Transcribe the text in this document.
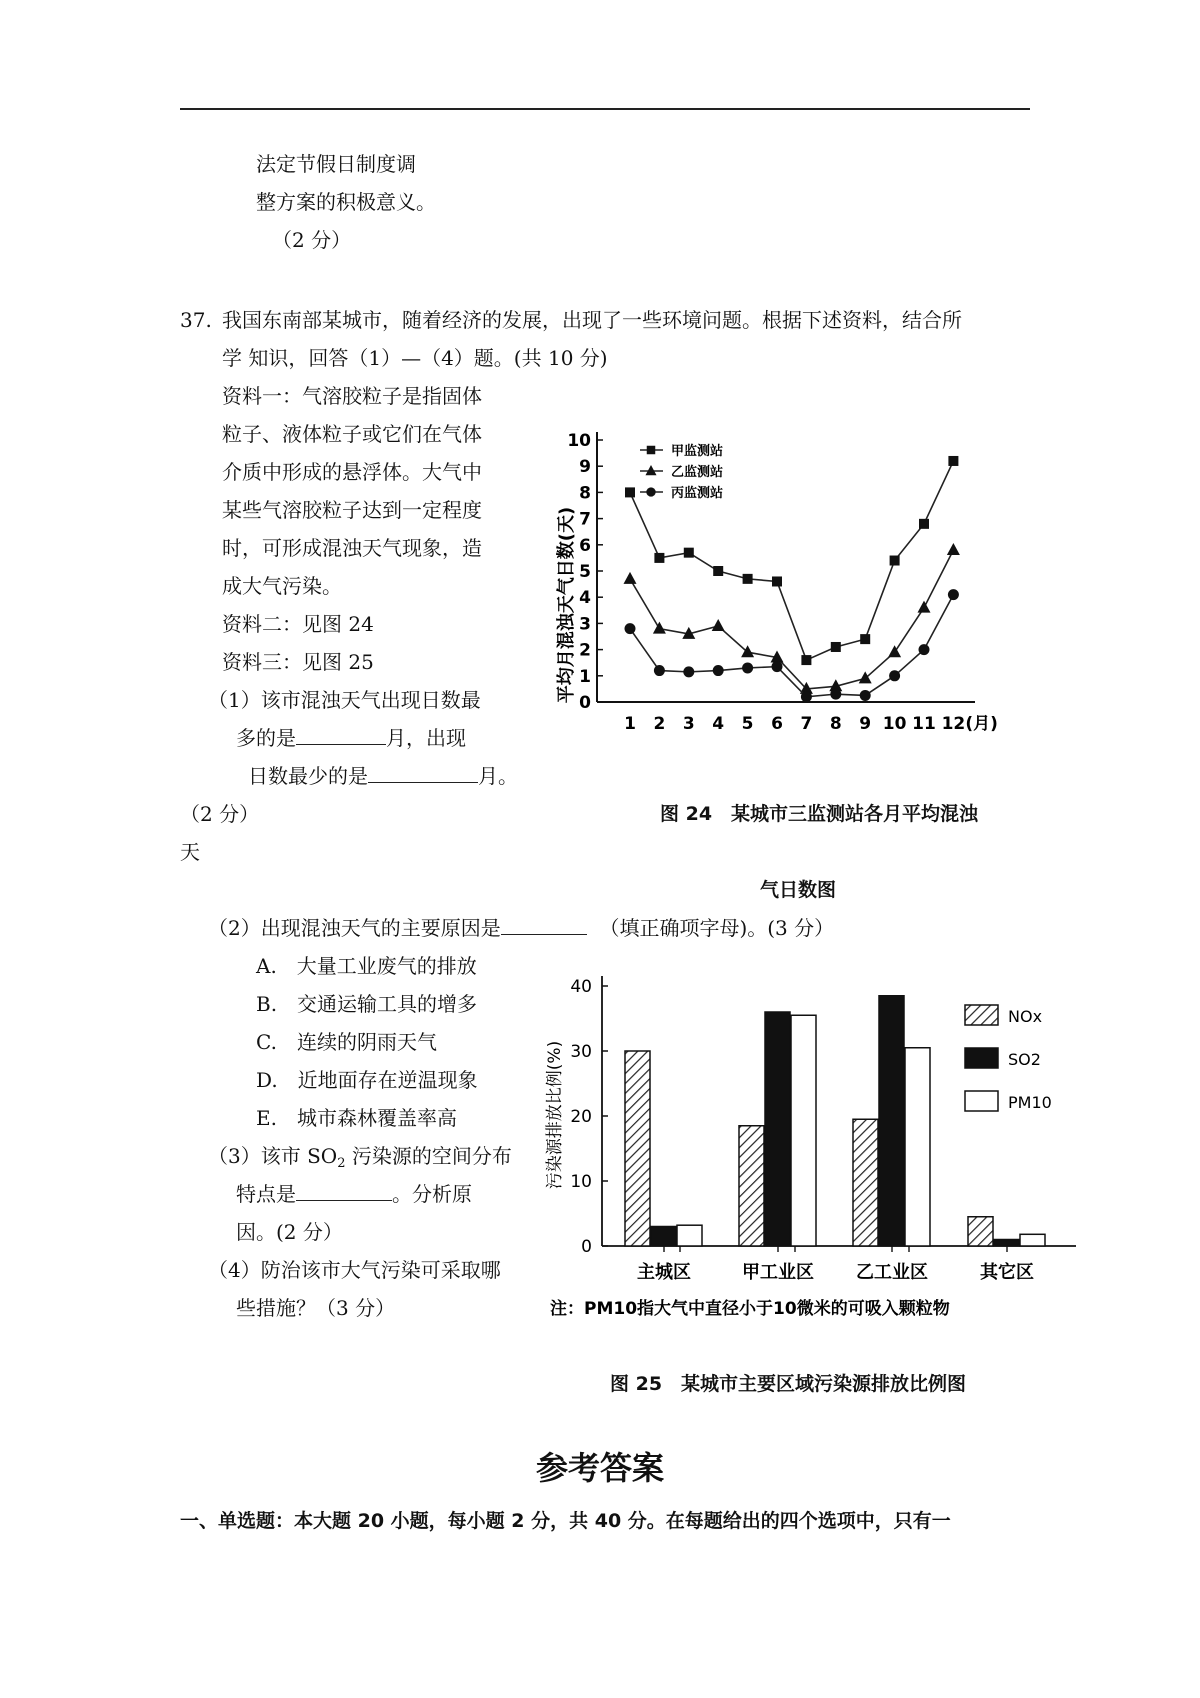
法定节假日制度调
整方案的积极意义。
（2 分）
37. 我国东南部某城市，随着经济的发展，出现了一些环境问题。根据下述资料，结合所
学 知识，回答（1）—（4）题。(共 10 分)
资料一：气溶胶粒子是指固体
粒子、液体粒子或它们在气体
介质中形成的悬浮体。大气中
某些气溶胶粒子达到一定程度
时，可形成混浊天气现象，造
成大气污染。
资料二：见图 24
资料三：见图 25
（1）该市混浊天气出现日数最
多的是	月，出现
日数最少的是	月。
（2 分）
天
0
1
2
3
4
5
6
7
8
9
10
1 2 3 4 5 6 7 8 9 10 11 12 (月)
甲监测站
乙监测站
丙监测站
平均月混浊天气日数(天)
图 24　某城市三监测站各月平均混浊
气日数图
（2）出现混浊天气的主要原因是	（填正确项字母)。(3 分）
A.　大量工业废气的排放
B.　交通运输工具的增多
C.　连续的阴雨天气
D.　近地面存在逆温现象
E.　城市森林覆盖率高
（3）该市 $SO_2$ 污染源的空间分布
特点是	。分析原
因。(2 分）
（4）防治该市大气污染可采取哪
些措施？（3 分）
0
10
20
30
40
主城区	甲工业区 乙工业区	其它区
NOx
SO2
PM10
污染源排放比例(%)
注：PM10指大气中直径小于10微米的可吸入颗粒物
图 25　某城市主要区域污染源排放比例图
参考答案
一、单选题：本大题 20 小题，每小题 2 分，共 40 分。在每题给出的四个选项中，只有一
